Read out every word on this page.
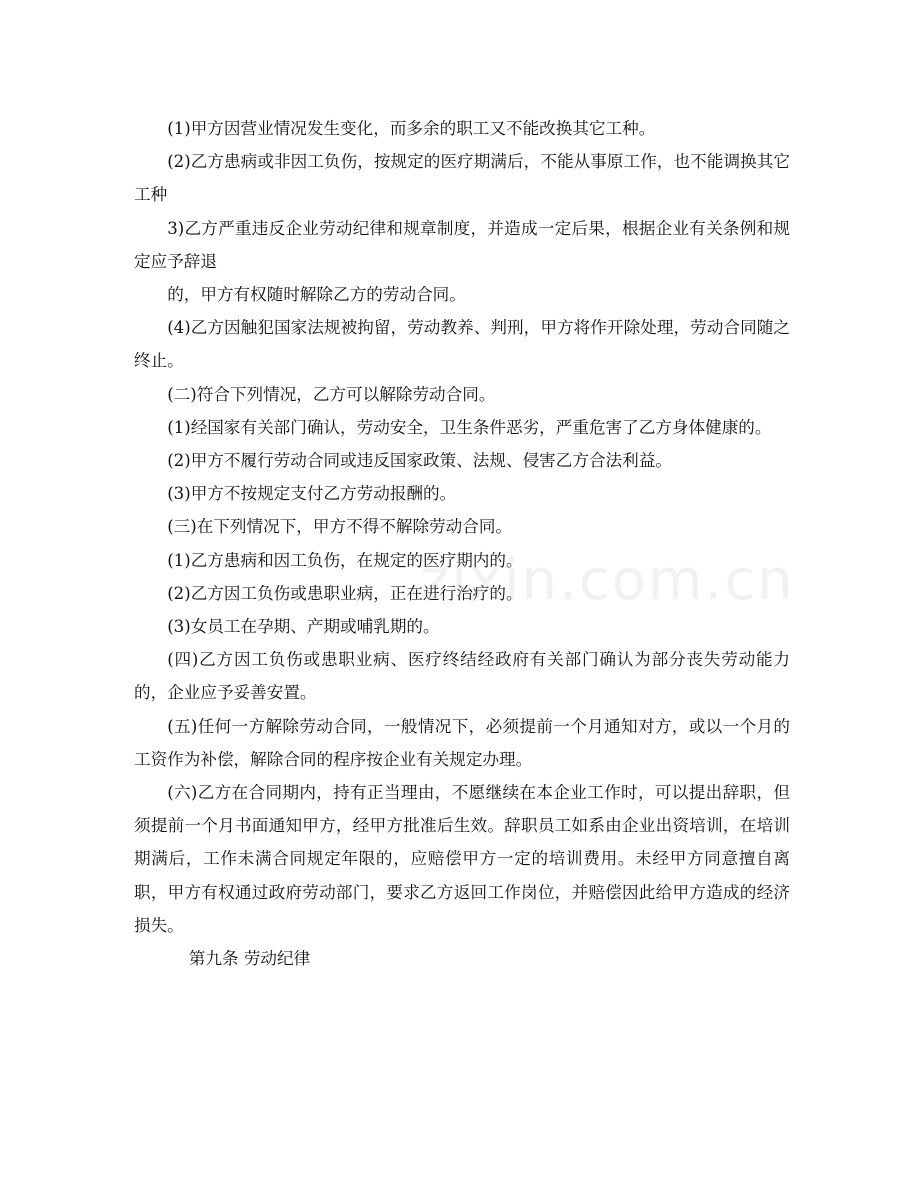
(1)甲方因营业情况发生变化，而多余的职工又不能改换其它工种。

(2)乙方患病或非因工负伤，按规定的医疗期满后，不能从事原工作，也不能调换其它工种

3)乙方严重违反企业劳动纪律和规章制度，并造成一定后果，根据企业有关条例和规定应予辞退

的，甲方有权随时解除乙方的劳动合同。

(4)乙方因触犯国家法规被拘留，劳动教养、判刑，甲方将作开除处理，劳动合同随之终止。

(二)符合下列情况，乙方可以解除劳动合同。

(1)经国家有关部门确认，劳动安全，卫生条件恶劣，严重危害了乙方身体健康的。

(2)甲方不履行劳动合同或违反国家政策、法规、侵害乙方合法利益。

(3)甲方不按规定支付乙方劳动报酬的。

(三)在下列情况下，甲方不得不解除劳动合同。

(1)乙方患病和因工负伤，在规定的医疗期内的。

(2)乙方因工负伤或患职业病，正在进行治疗的。

(3)女员工在孕期、产期或哺乳期的。

(四)乙方因工负伤或患职业病、医疗终结经政府有关部门确认为部分丧失劳动能力的，企业应予妥善安置。

(五)任何一方解除劳动合同，一般情况下，必须提前一个月通知对方，或以一个月的工资作为补偿，解除合同的程序按企业有关规定办理。

(六)乙方在合同期内，持有正当理由，不愿继续在本企业工作时，可以提出辞职，但须提前一个月书面通知甲方，经甲方批准后生效。辞职员工如系由企业出资培训，在培训期满后，工作未满合同规定年限的，应赔偿甲方一定的培训费用。未经甲方同意擅自离职，甲方有权通过政府劳动部门，要求乙方返回工作岗位，并赔偿因此给甲方造成的经济损失。

第九条 劳动纪律

zixin.com.cn
